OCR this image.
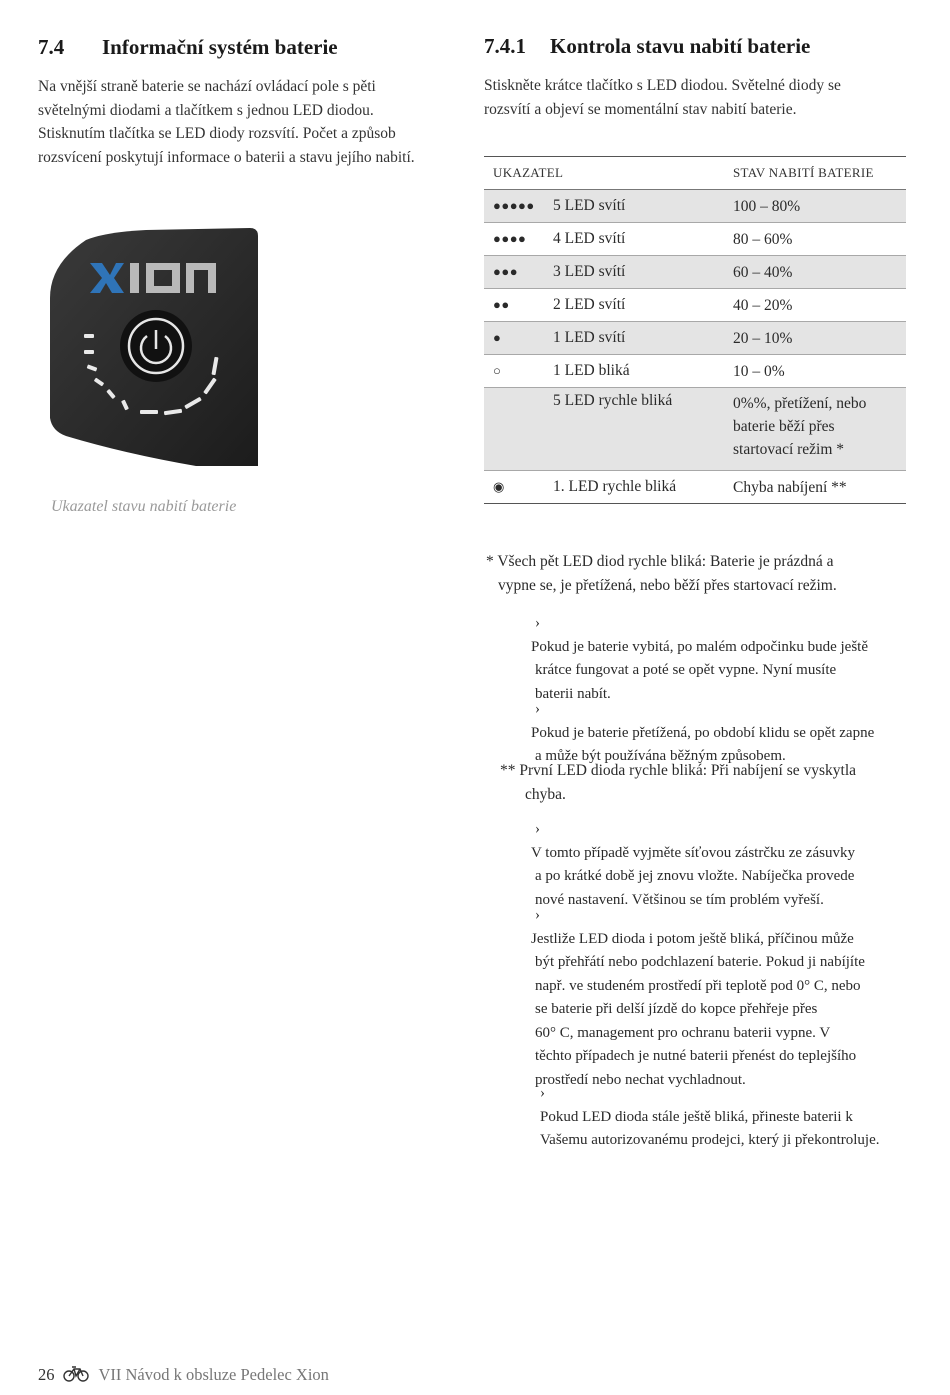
7.4 Informační systém baterie
Na vnější straně baterie se nachází ovládací pole s pěti
světelnými diodami a tlačítkem s jednou LED diodou.
Stisknutím tlačítka se LED diody rozsvítí. Počet a způsob
rozsvícení poskytují informace o baterii a stavu jejího nabití.
Ukazatel stavu nabití baterie
7.4.1 Kontrola stavu nabití baterie
Stiskněte krátce tlačítko s LED diodou. Světelné diody se
rozsvítí a objeví se momentální stav nabití baterie.
UKAZATEL		STAV NABITÍ BATERIE
●●●●●	5 LED svítí	100 – 80%
●●●●	4 LED svítí	80 – 60%
●●●	3 LED svítí	60 – 40%
●●	2 LED svítí	40 – 20%
●	1 LED svítí	20 – 10%
○	1 LED bliká	10 – 0%
	5 LED rychle bliká	0%%, přetížení, nebo
baterie běží přes
startovací režim *

◉	1. LED rychle bliká	Chyba nabíjení **
* Všech pět LED diod rychle bliká: Baterie je prázdná a
vypne se, je přetížená, nebo běží přes startovací režim.
›
Pokud je baterie vybitá, po malém odpočinku bude ještě
krátce fungovat a poté se opět vypne. Nyní musíte
baterii nabít.
›
Pokud je baterie přetížená, po období klidu se opět zapne
a může být používána běžným způsobem.
** První LED dioda rychle bliká: Při nabíjení se vyskytla
chyba.
›
V tomto případě vyjměte síťovou zástrčku ze zásuvky
a po krátké době jej znovu vložte. Nabíječka provede
nové nastavení. Většinou se tím problém vyřeší.
›
Jestliže LED dioda i potom ještě bliká, příčinou může
být přehřátí nebo podchlazení baterie. Pokud ji nabíjíte
např. ve studeném prostředí při teplotě pod 0° C, nebo
se baterie při delší jízdě do kopce přehřeje přes
60° C, management pro ochranu baterii vypne. V
těchto případech je nutné baterii přenést do teplejšího
prostředí nebo nechat vychladnout.
›
Pokud LED dioda stále ještě bliká, přineste baterii k
Vašemu autorizovanému prodejci, který ji překontroluje.
26	VII Návod k obsluze Pedelec Xion
